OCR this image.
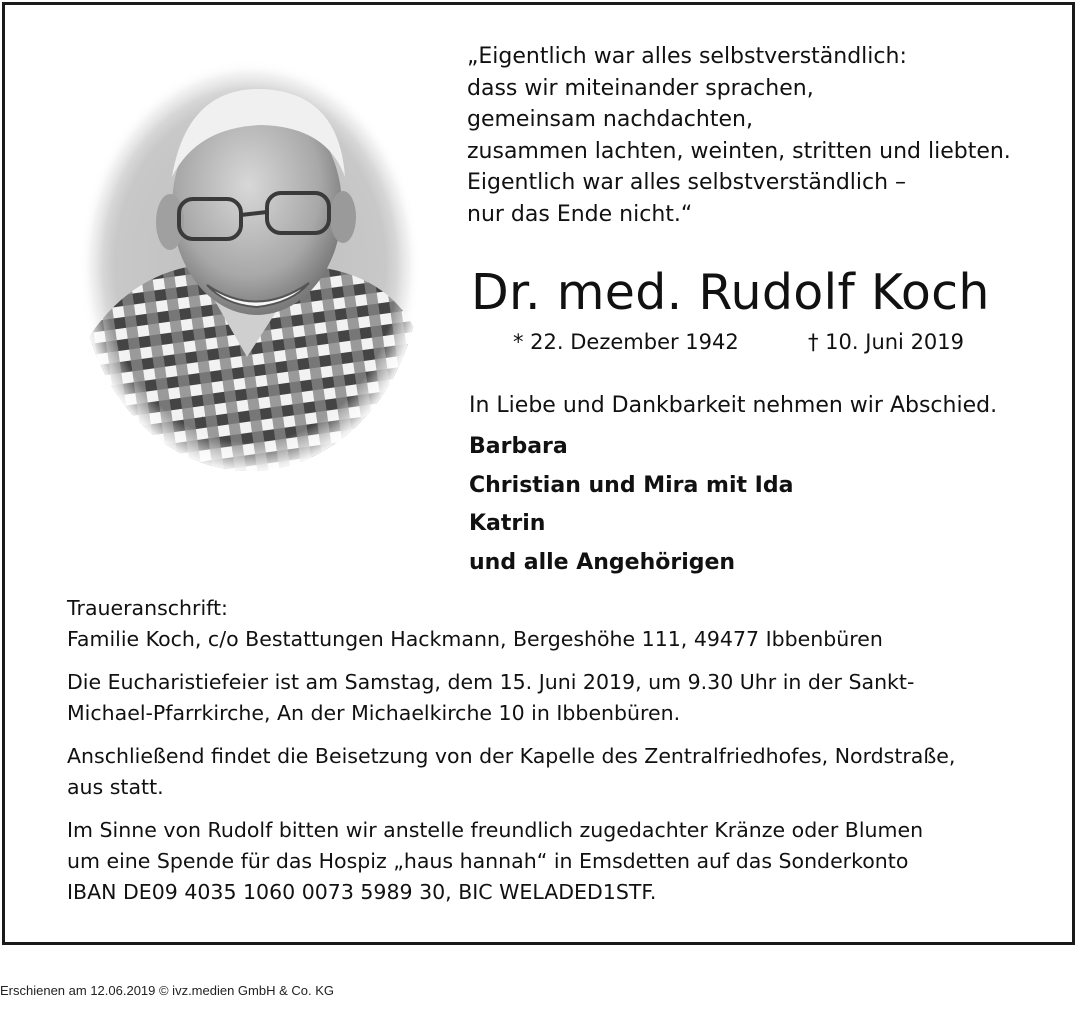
„Eigentlich war alles selbstverständlich:
dass wir miteinander sprachen,
gemeinsam nachdachten,
zusammen lachten, weinten, stritten und liebten.
Eigentlich war alles selbstverständlich –
nur das Ende nicht.“
Dr. med. Rudolf Koch
* 22. Dezember 1942	† 10. Juni 2019
In Liebe und Dankbarkeit nehmen wir Abschied.
Barbara
Christian und Mira mit Ida
Katrin
und alle Angehörigen
Traueranschrift:
Familie Koch, c/o Bestattungen Hackmann, Bergeshöhe 111, 49477 Ibbenbüren
Die Eucharistiefeier ist am Samstag, dem 15. Juni 2019, um 9.30 Uhr in der Sankt-
Michael-Pfarrkirche, An der Michaelkirche 10 in Ibbenbüren.
Anschließend findet die Beisetzung von der Kapelle des Zentralfriedhofes, Nordstraße,
aus statt.
Im Sinne von Rudolf bitten wir anstelle freundlich zugedachter Kränze oder Blumen
um eine Spende für das Hospiz „haus hannah“ in Emsdetten auf das Sonderkonto
IBAN DE09 4035 1060 0073 5989 30, BIC WELADED1STF.
Erschienen am 12.06.2019 © ivz.medien GmbH & Co. KG
